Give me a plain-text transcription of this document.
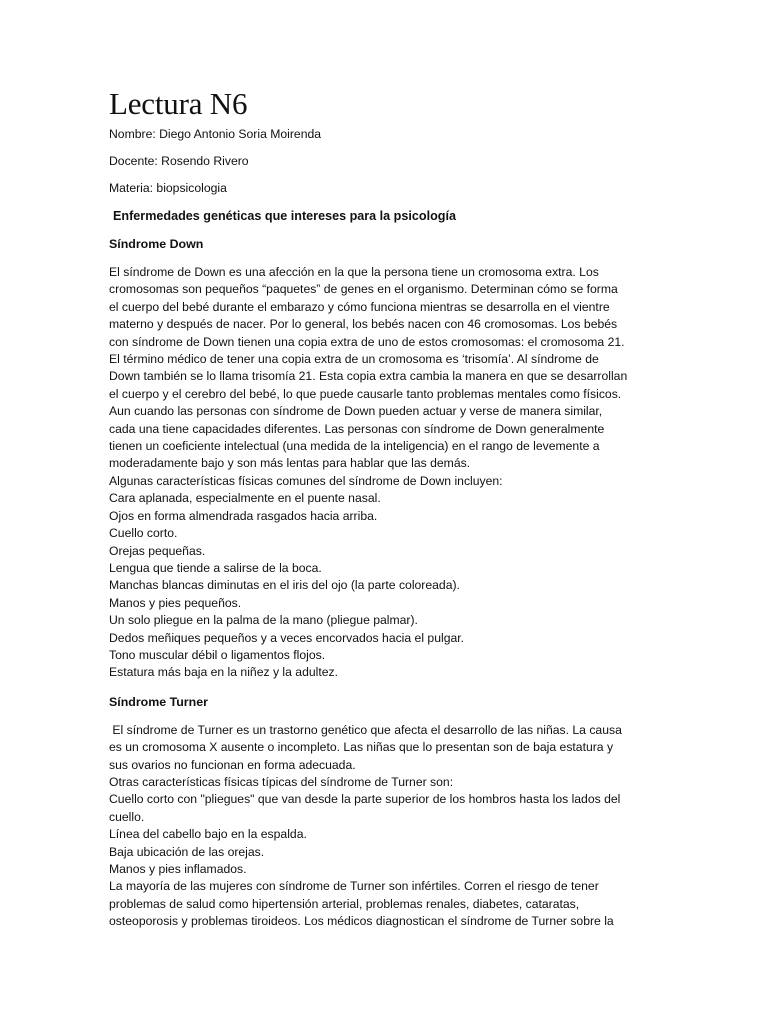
Lectura N6
Nombre: Diego Antonio Soria Moirenda
Docente: Rosendo Rivero
Materia: biopsicologia
Enfermedades genéticas que intereses para la psicología
Síndrome Down
El síndrome de Down es una afección en la que la persona tiene un cromosoma extra. Los
cromosomas son pequeños “paquetes” de genes en el organismo. Determinan cómo se forma
el cuerpo del bebé durante el embarazo y cómo funciona mientras se desarrolla en el vientre
materno y después de nacer. Por lo general, los bebés nacen con 46 cromosomas. Los bebés
con síndrome de Down tienen una copia extra de uno de estos cromosomas: el cromosoma 21.
El término médico de tener una copia extra de un cromosoma es ‘trisomía’. Al síndrome de
Down también se lo llama trisomía 21. Esta copia extra cambia la manera en que se desarrollan
el cuerpo y el cerebro del bebé, lo que puede causarle tanto problemas mentales como físicos.
Aun cuando las personas con síndrome de Down pueden actuar y verse de manera similar,
cada una tiene capacidades diferentes. Las personas con síndrome de Down generalmente
tienen un coeficiente intelectual (una medida de la inteligencia) en el rango de levemente a
moderadamente bajo y son más lentas para hablar que las demás.
Algunas características físicas comunes del síndrome de Down incluyen:
Cara aplanada, especialmente en el puente nasal.
Ojos en forma almendrada rasgados hacia arriba.
Cuello corto.
Orejas pequeñas.
Lengua que tiende a salirse de la boca.
Manchas blancas diminutas en el iris del ojo (la parte coloreada).
Manos y pies pequeños.
Un solo pliegue en la palma de la mano (pliegue palmar).
Dedos meñiques pequeños y a veces encorvados hacia el pulgar.
Tono muscular débil o ligamentos flojos.
Estatura más baja en la niñez y la adultez.
Síndrome Turner
El síndrome de Turner es un trastorno genético que afecta el desarrollo de las niñas. La causa
es un cromosoma X ausente o incompleto. Las niñas que lo presentan son de baja estatura y
sus ovarios no funcionan en forma adecuada.
Otras características físicas típicas del síndrome de Turner son:
Cuello corto con "pliegues" que van desde la parte superior de los hombros hasta los lados del
cuello.
Línea del cabello bajo en la espalda.
Baja ubicación de las orejas.
Manos y pies inflamados.
La mayoría de las mujeres con síndrome de Turner son infértiles. Corren el riesgo de tener
problemas de salud como hipertensión arterial, problemas renales, diabetes, cataratas,
osteoporosis y problemas tiroideos. Los médicos diagnostican el síndrome de Turner sobre la
